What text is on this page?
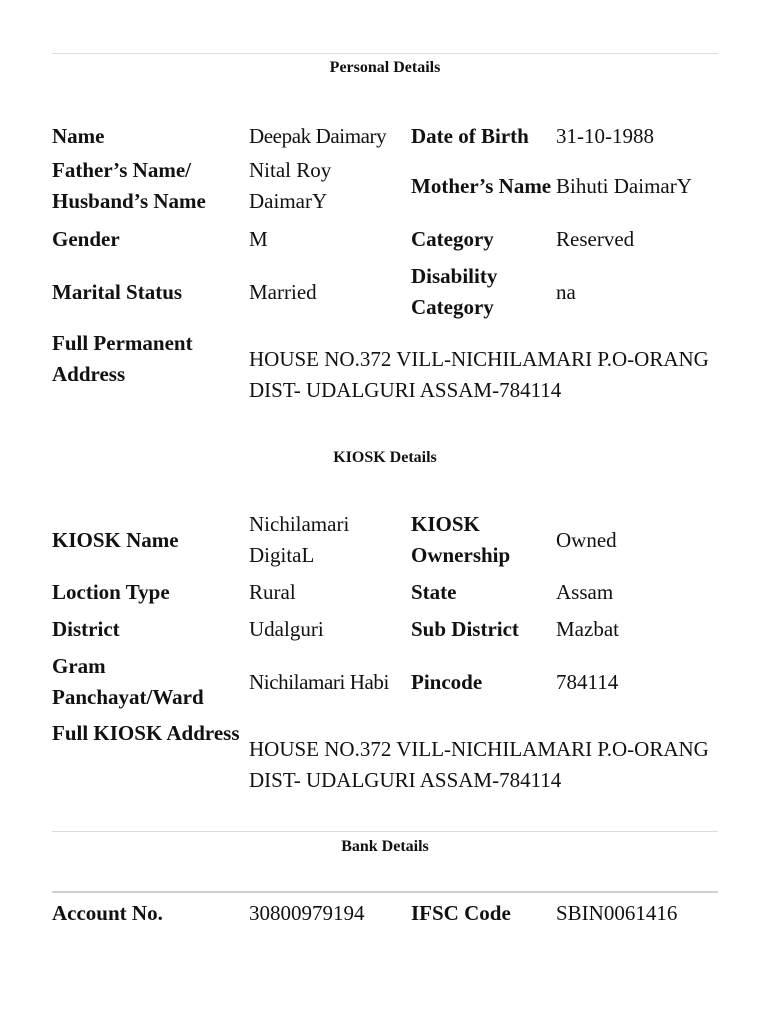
Personal Details
Name	Deepak Daimary	Date of Birth	31-10-1988
Father’s Name/ Husband’s Name	Nital Roy DaimarY	Mother’s Name	Bihuti DaimarY
Gender	M	Category	Reserved
Marital Status	Married	Disability Category	na
Full Permanent Address	HOUSE NO.372 VILL-NICHILAMARI P.O-ORANG DIST- UDALGURI ASSAM-784114		
KIOSK Details
KIOSK Name	Nichilamari DigitaL	KIOSK Ownership	Owned
Loction Type	Rural	State	Assam
District	Udalguri	Sub District	Mazbat
Gram Panchayat/Ward	Nichilamari Habi	Pincode	784114
Full KIOSK Address	HOUSE NO.372 VILL-NICHILAMARI P.O-ORANG DIST- UDALGURI ASSAM-784114		
Bank Details
Account No.	30800979194	IFSC Code	SBIN0061416
